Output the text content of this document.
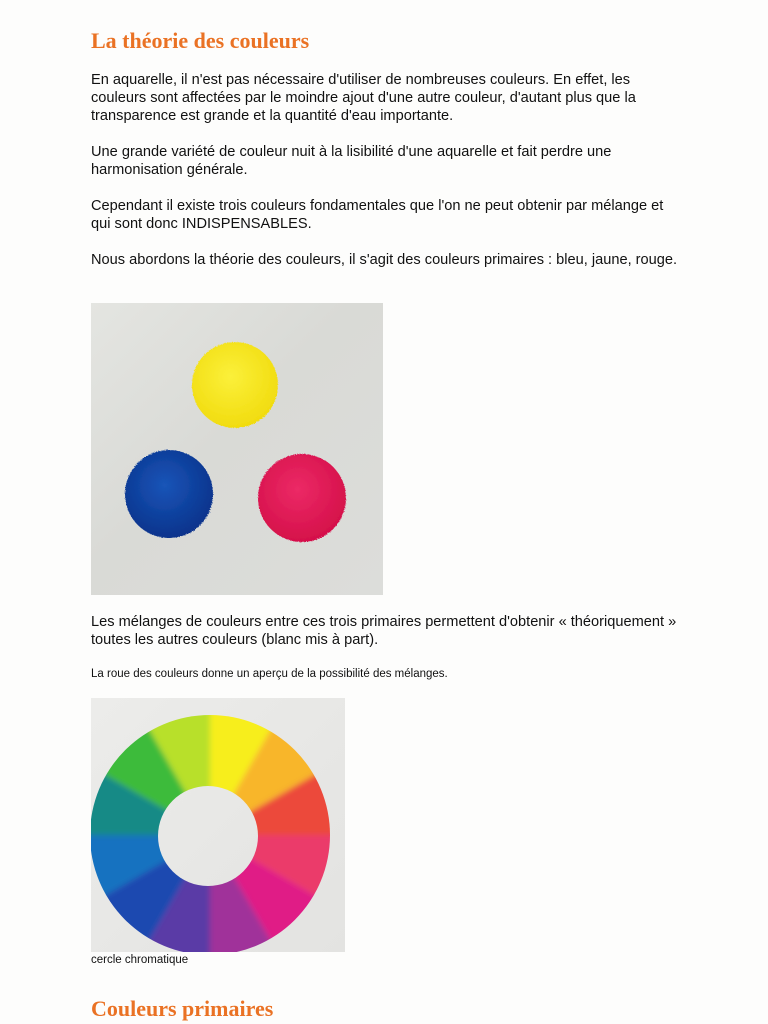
La théorie des couleurs

En aquarelle, il n'est pas nécessaire d'utiliser de nombreuses couleurs. En effet, les couleurs sont affectées par le moindre ajout d'une autre couleur, d'autant plus que la transparence est grande et la quantité d'eau importante.

Une grande variété de couleur nuit à la lisibilité d'une aquarelle et fait perdre une harmonisation générale.

Cependant il existe trois couleurs fondamentales que l'on ne peut obtenir par mélange et qui sont donc INDISPENSABLES.

Nous abordons la théorie des couleurs, il s'agit des couleurs primaires : bleu, jaune, rouge.

Les mélanges de couleurs entre ces trois primaires permettent d'obtenir « théoriquement » toutes les autres couleurs (blanc mis à part).

La roue des couleurs donne un aperçu de la possibilité des mélanges.

cercle chromatique

Couleurs primaires
